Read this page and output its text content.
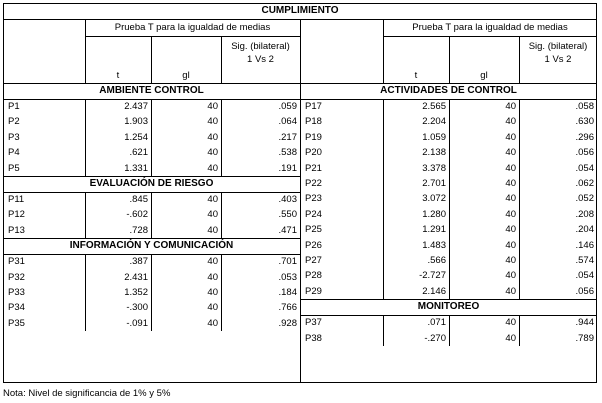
CUMPLIMIENTO
Prueba T para la igualdad de medias
t	gl
Sig. (bilateral)
1 Vs 2
Prueba T para la igualdad de medias
t	gl
Sig. (bilateral)
1 Vs 2
AMBIENTE CONTROL
P1	2.437	40	.059
P2	1.903	40	.064
P3	1.254	40	.217
P4	.621	40	.538
P5	1.331	40	.191
EVALUACIÓN DE RIESGO
P11	.845	40	.403
P12	-.602	40	.550
P13	.728	40	.471
INFORMACIÓN Y COMUNICACIÓN
P31	.387	40	.701
P32	2.431	40	.053
P33	1.352	40	.184
P34	-.300	40	.766
P35	-.091	40	.928
ACTIVIDADES DE CONTROL
P17	2.565	40	.058
P18	2.204	40	.630
P19	1.059	40	.296
P20	2.138	40	.056
P21	3.378	40	.054
P22	2.701	40	.062
P23	3.072	40	.052
P24	1.280	40	.208
P25	1.291	40	.204
P26	1.483	40	.146
P27	.566	40	.574
P28	-2.727	40	.054
P29	2.146	40	.056
MONITOREO
P37	.071	40	.944
P38	-.270	40	.789
Nota: Nivel de significancia de 1% y 5%
